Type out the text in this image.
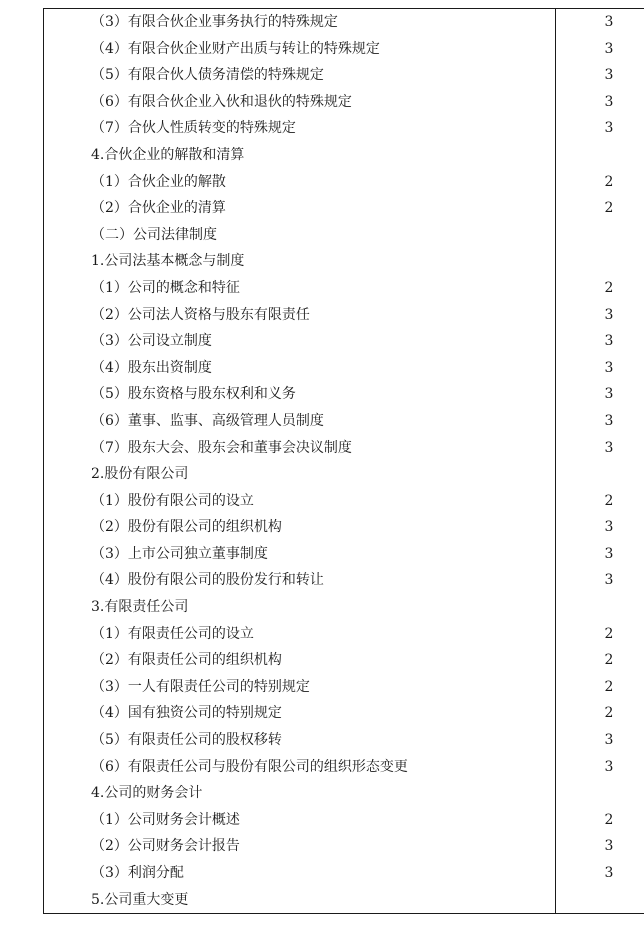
（3）有限合伙企业事务执行的特殊规定	3
（4）有限合伙企业财产出质与转让的特殊规定	3
（5）有限合伙人债务清偿的特殊规定	3
（6）有限合伙企业入伙和退伙的特殊规定	3
（7）合伙人性质转变的特殊规定	3
4.合伙企业的解散和清算	
（1）合伙企业的解散	2
（2）合伙企业的清算	2
（二）公司法律制度	
1.公司法基本概念与制度	
（1）公司的概念和特征	2
（2）公司法人资格与股东有限责任	3
（3）公司设立制度	3
（4）股东出资制度	3
（5）股东资格与股东权利和义务	3
（6）董事、监事、高级管理人员制度	3
（7）股东大会、股东会和董事会决议制度	3
2.股份有限公司	
（1）股份有限公司的设立	2
（2）股份有限公司的组织机构	3
（3）上市公司独立董事制度	3
（4）股份有限公司的股份发行和转让	3
3.有限责任公司	
（1）有限责任公司的设立	2
（2）有限责任公司的组织机构	2
（3）一人有限责任公司的特别规定	2
（4）国有独资公司的特别规定	2
（5）有限责任公司的股权移转	3
（6）有限责任公司与股份有限公司的组织形态变更	3
4.公司的财务会计	
（1）公司财务会计概述	2
（2）公司财务会计报告	3
（3）利润分配	3
5.公司重大变更	
